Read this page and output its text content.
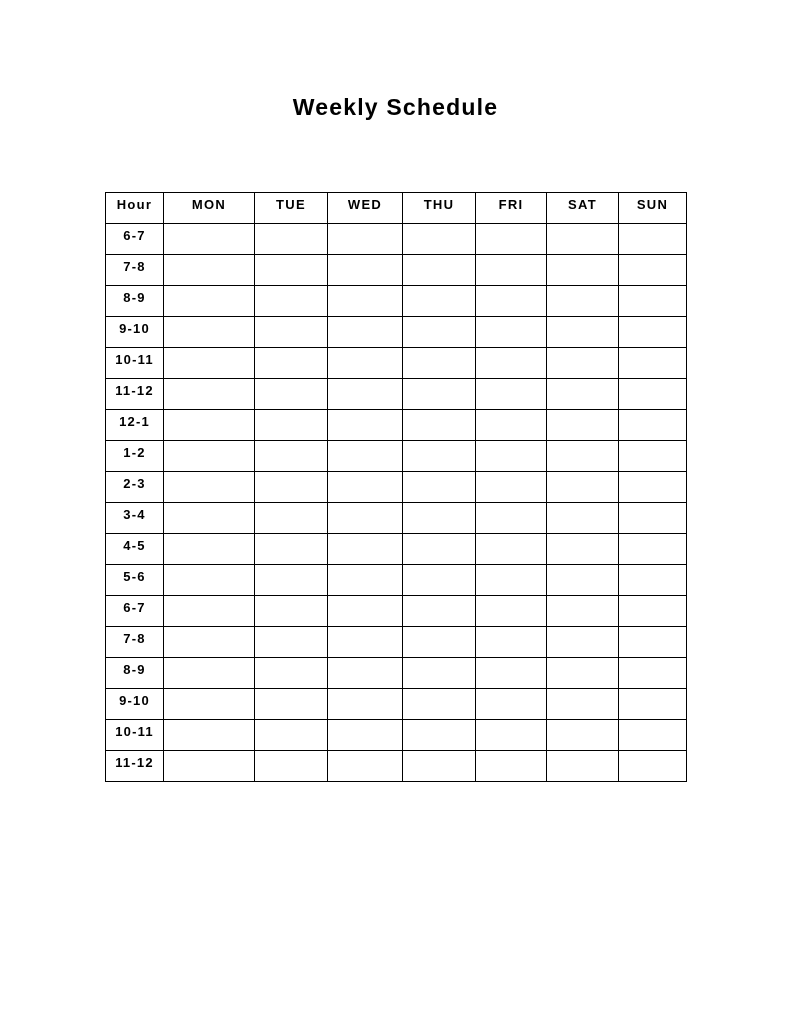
Weekly Schedule
Hour	MON	TUE	WED	THU	FRI	SAT	SUN
6-7							
7-8							
8-9							
9-10							
10-11							
11-12							
12-1							
1-2							
2-3							
3-4							
4-5							
5-6							
6-7							
7-8							
8-9							
9-10							
10-11							
11-12							
